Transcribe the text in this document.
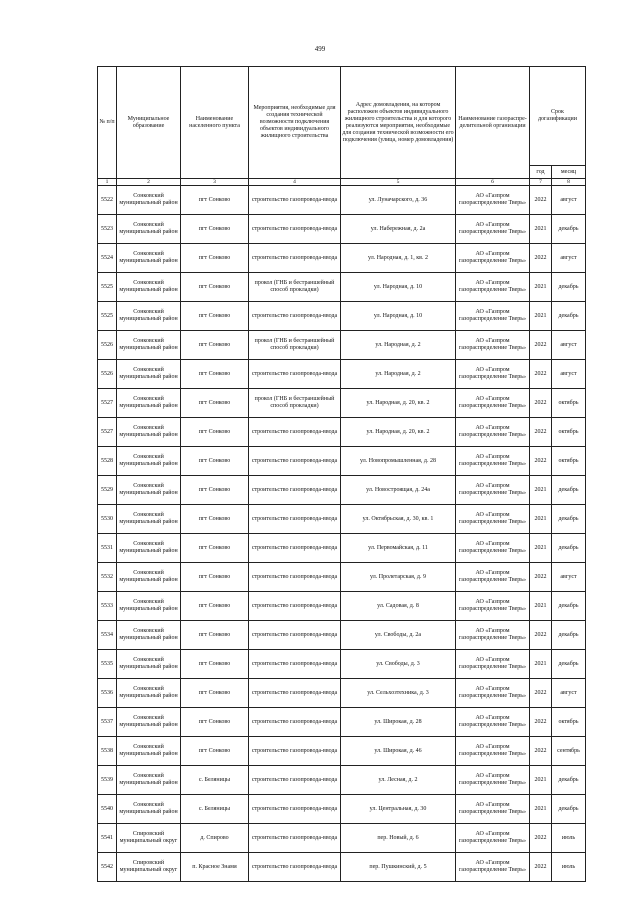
499
№ п/п	Муниципальное образование	Наименование населенного пункта	Мероприятия, необходимые для создания технической возможности подключения объектов индивидуального жилищного строительства	Адрес домовладения, на котором расположен объектов индивидуального жилищного строительства и для которого реализуются мероприятия, необходимые для создания технической возможности его подключения (улица, номер домовладения)	Наименование газораспре-делительной организации	Срок догазификации	
						год	месяц
1	2	3	4	5	6	7	8
5522	Сонковский муниципальный район	пгт Сонково	строительство газопровода-ввода	ул. Луначарского, д. 36	АО «Газпром газораспределение Тверь»	2022	август
5523	Сонковский муниципальный район	пгт Сонково	строительство газопровода-ввода	ул. Набережная, д. 2а	АО «Газпром газораспределение Тверь»	2021	декабрь
5524	Сонковский муниципальный район	пгт Сонково	строительство газопровода-ввода	ул. Народная, д. 1, кв. 2	АО «Газпром газораспределение Тверь»	2022	август
5525	Сонковский муниципальный район	пгт Сонково	прокол (ГНБ и бестраншейный способ прокладки)	ул. Народная, д. 10	АО «Газпром газораспределение Тверь»	2021	декабрь
5525	Сонковский муниципальный район	пгт Сонково	строительство газопровода-ввода	ул. Народная, д. 10	АО «Газпром газораспределение Тверь»	2021	декабрь
5526	Сонковский муниципальный район	пгт Сонково	прокол (ГНБ и бестраншейный способ прокладки)	ул. Народная, д. 2	АО «Газпром газораспределение Тверь»	2022	август
5526	Сонковский муниципальный район	пгт Сонково	строительство газопровода-ввода	ул. Народная, д. 2	АО «Газпром газораспределение Тверь»	2022	август
5527	Сонковский муниципальный район	пгт Сонково	прокол (ГНБ и бестраншейный способ прокладки)	ул. Народная, д. 20, кв. 2	АО «Газпром газораспределение Тверь»	2022	октябрь
5527	Сонковский муниципальный район	пгт Сонково	строительство газопровода-ввода	ул. Народная, д. 20, кв. 2	АО «Газпром газораспределение Тверь»	2022	октябрь
5528	Сонковский муниципальный район	пгт Сонково	строительство газопровода-ввода	ул. Новопромышленная, д. 28	АО «Газпром газораспределение Тверь»	2022	октябрь
5529	Сонковский муниципальный район	пгт Сонково	строительство газопровода-ввода	ул. Новостроящая, д. 24а	АО «Газпром газораспределение Тверь»	2021	декабрь
5530	Сонковский муниципальный район	пгт Сонково	строительство газопровода-ввода	ул. Октябрьская, д. 30, кв. 1	АО «Газпром газораспределение Тверь»	2021	декабрь
5531	Сонковский муниципальный район	пгт Сонково	строительство газопровода-ввода	ул. Первомайская, д. 11	АО «Газпром газораспределение Тверь»	2021	декабрь
5532	Сонковский муниципальный район	пгт Сонково	строительство газопровода-ввода	ул. Пролетарская, д. 9	АО «Газпром газораспределение Тверь»	2022	август
5533	Сонковский муниципальный район	пгт Сонково	строительство газопровода-ввода	ул. Садовая, д. 8	АО «Газпром газораспределение Тверь»	2021	декабрь
5534	Сонковский муниципальный район	пгт Сонково	строительство газопровода-ввода	ул. Свободы, д. 2а	АО «Газпром газораспределение Тверь»	2022	декабрь
5535	Сонковский муниципальный район	пгт Сонково	строительство газопровода-ввода	ул. Свободы, д. 3	АО «Газпром газораспределение Тверь»	2021	декабрь
5536	Сонковский муниципальный район	пгт Сонково	строительство газопровода-ввода	ул. Сельхозтехника, д. 3	АО «Газпром газораспределение Тверь»	2022	август
5537	Сонковский муниципальный район	пгт Сонково	строительство газопровода-ввода	ул. Широкая, д. 28	АО «Газпром газораспределение Тверь»	2022	октябрь
5538	Сонковский муниципальный район	пгт Сонково	строительство газопровода-ввода	ул. Широкая, д. 46	АО «Газпром газораспределение Тверь»	2022	сентябрь
5539	Сонковский муниципальный район	с. Беляницы	строительство газопровода-ввода	ул. Лесная, д. 2	АО «Газпром газораспределение Тверь»	2021	декабрь
5540	Сонковский муниципальный район	с. Беляницы	строительство газопровода-ввода	ул. Центральная, д. 30	АО «Газпром газораспределение Тверь»	2021	декабрь
5541	Спировский муниципальный округ	д. Спирово	строительство газопровода-ввода	пер. Новый, д. 6	АО «Газпром газораспределение Тверь»	2022	июль
5542	Спировский муниципальный округ	п. Красное Знамя	строительство газопровода-ввода	пер. Пушкинский, д. 5	АО «Газпром газораспределение Тверь»	2022	июль
